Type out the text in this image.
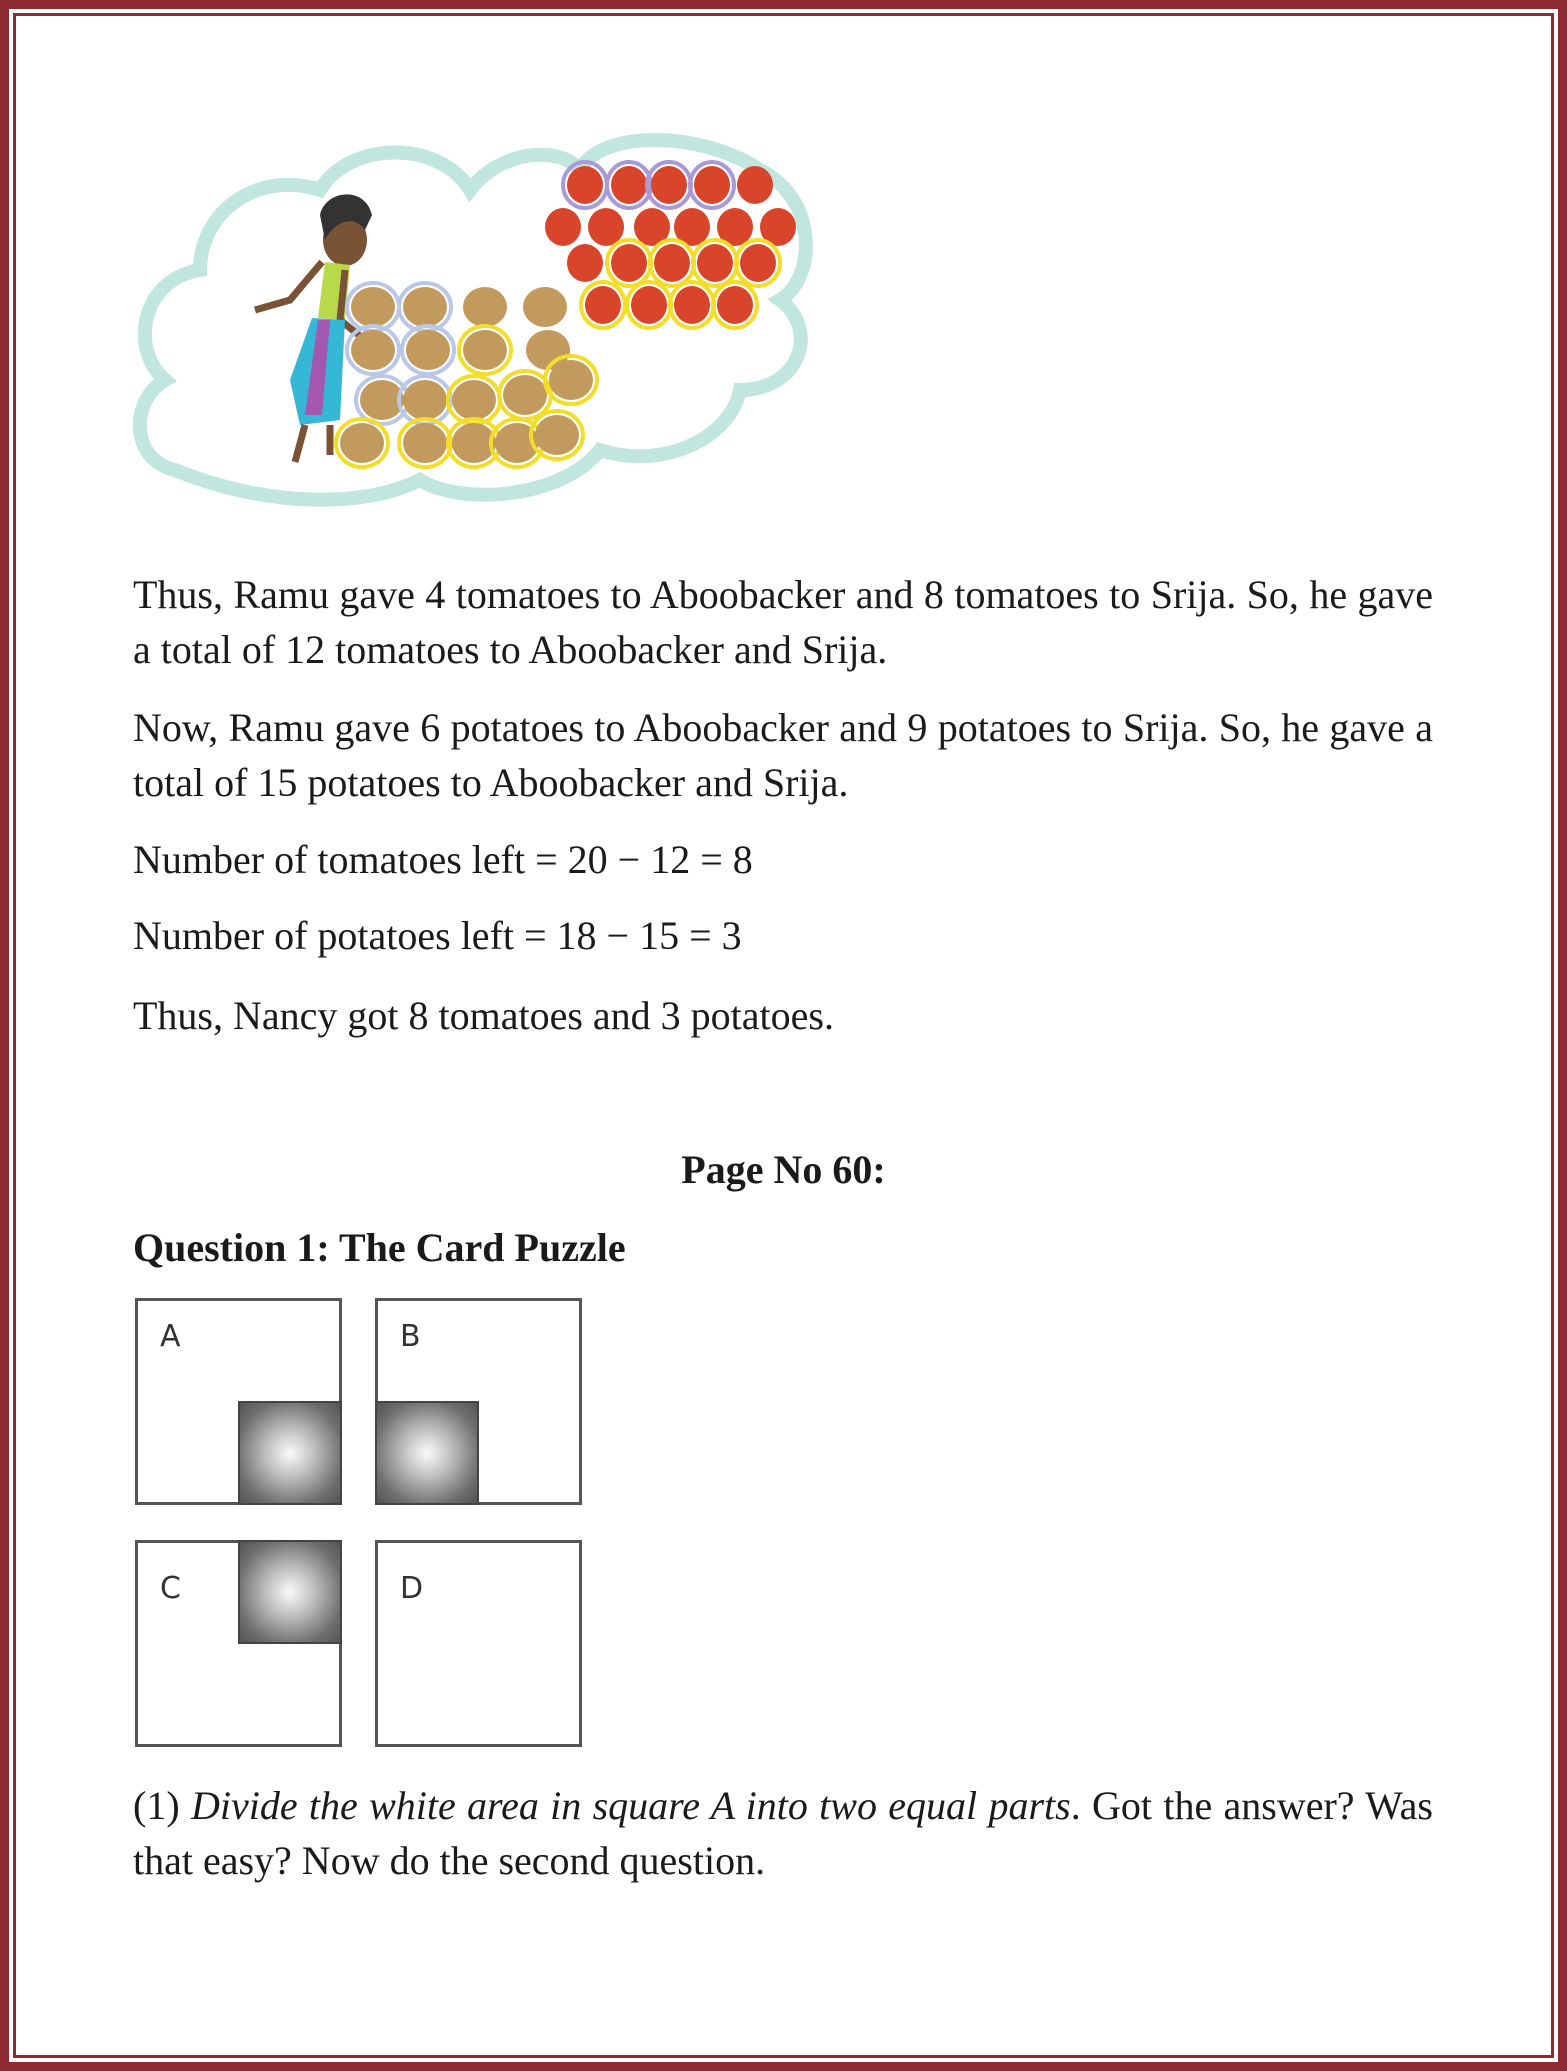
Thus, Ramu gave 4 tomatoes to Aboobacker and 8 tomatoes to Srija. So, he gave a total of 12 tomatoes to Aboobacker and Srija.

Now, Ramu gave 6 potatoes to Aboobacker and 9 potatoes to Srija. So, he gave a total of 15 potatoes to Aboobacker and Srija.

Number of tomatoes left = 20 − 12 = 8
Number of potatoes left = 18 − 15 = 3
Thus, Nancy got 8 tomatoes and 3 potatoes.
Page No 60:
Question 1: The Card Puzzle
A	B
C	D

(1) Divide the white area in square A into two equal parts. Got the answer? Was that easy? Now do the second question.
